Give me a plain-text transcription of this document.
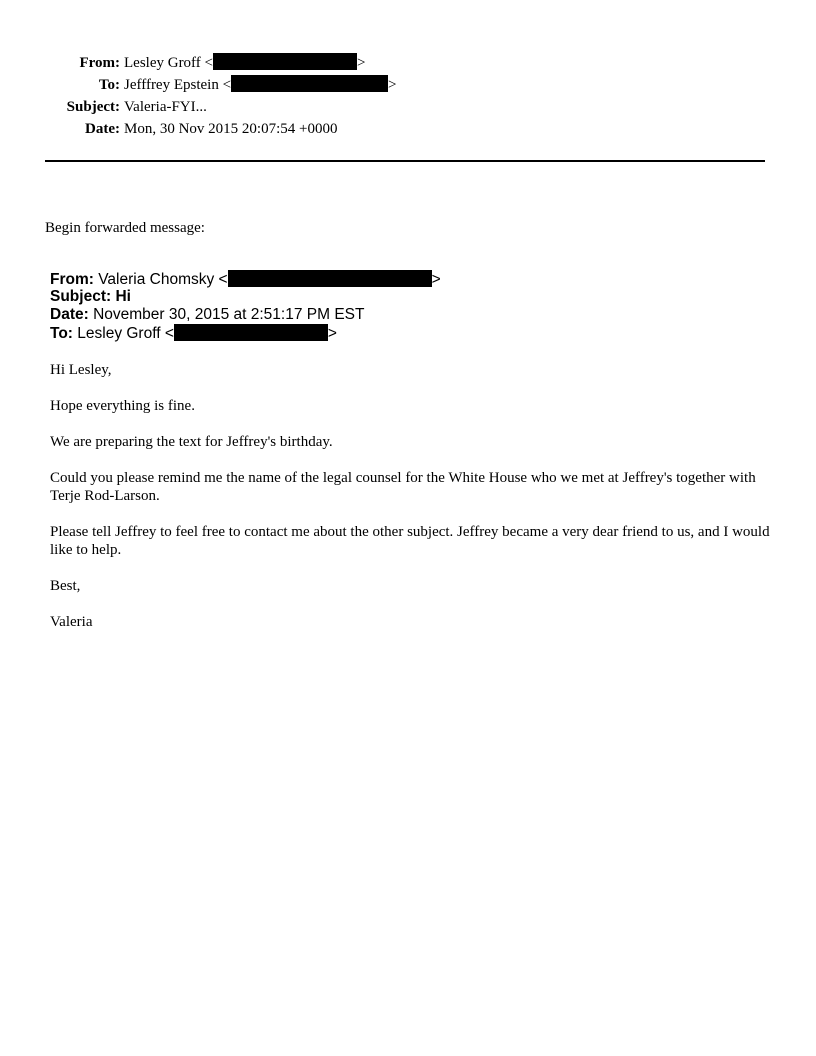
From: Lesley Groff <	>
To: Jefffrey Epstein <	>
Subject: Valeria-FYI...
Date: Mon, 30 Nov 2015 20:07:54 +0000
Begin forwarded message:
From: Valeria Chomsky <	>
Subject: Hi
Date: November 30, 2015 at 2:51:17 PM EST
To: Lesley Groff <	>
Hi Lesley,
Hope everything is fine.
We are preparing the text for Jeffrey's birthday.
Could you please remind me the name of the legal counsel for the White House who we met at Jeffrey's together with Terje Rod-Larson.
Please tell Jeffrey to feel free to contact me about the other subject. Jeffrey became a very dear friend to us, and I would like to help.
Best,
Valeria
